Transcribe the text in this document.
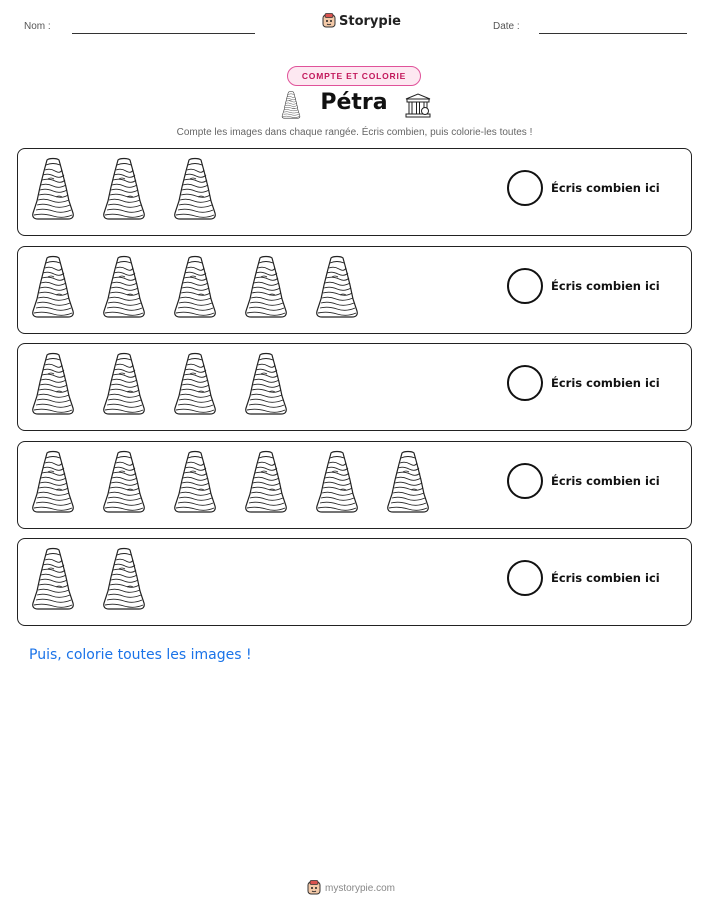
Nom :	Storypie	Date :
COMPTE ET COLORIE
Pétra
Compte les images dans chaque rangée. Écris combien, puis colorie-les toutes !
Écris combien ici
Écris combien ici
Écris combien ici
Écris combien ici
Écris combien ici
Puis, colorie toutes les images !
mystorypie.com
